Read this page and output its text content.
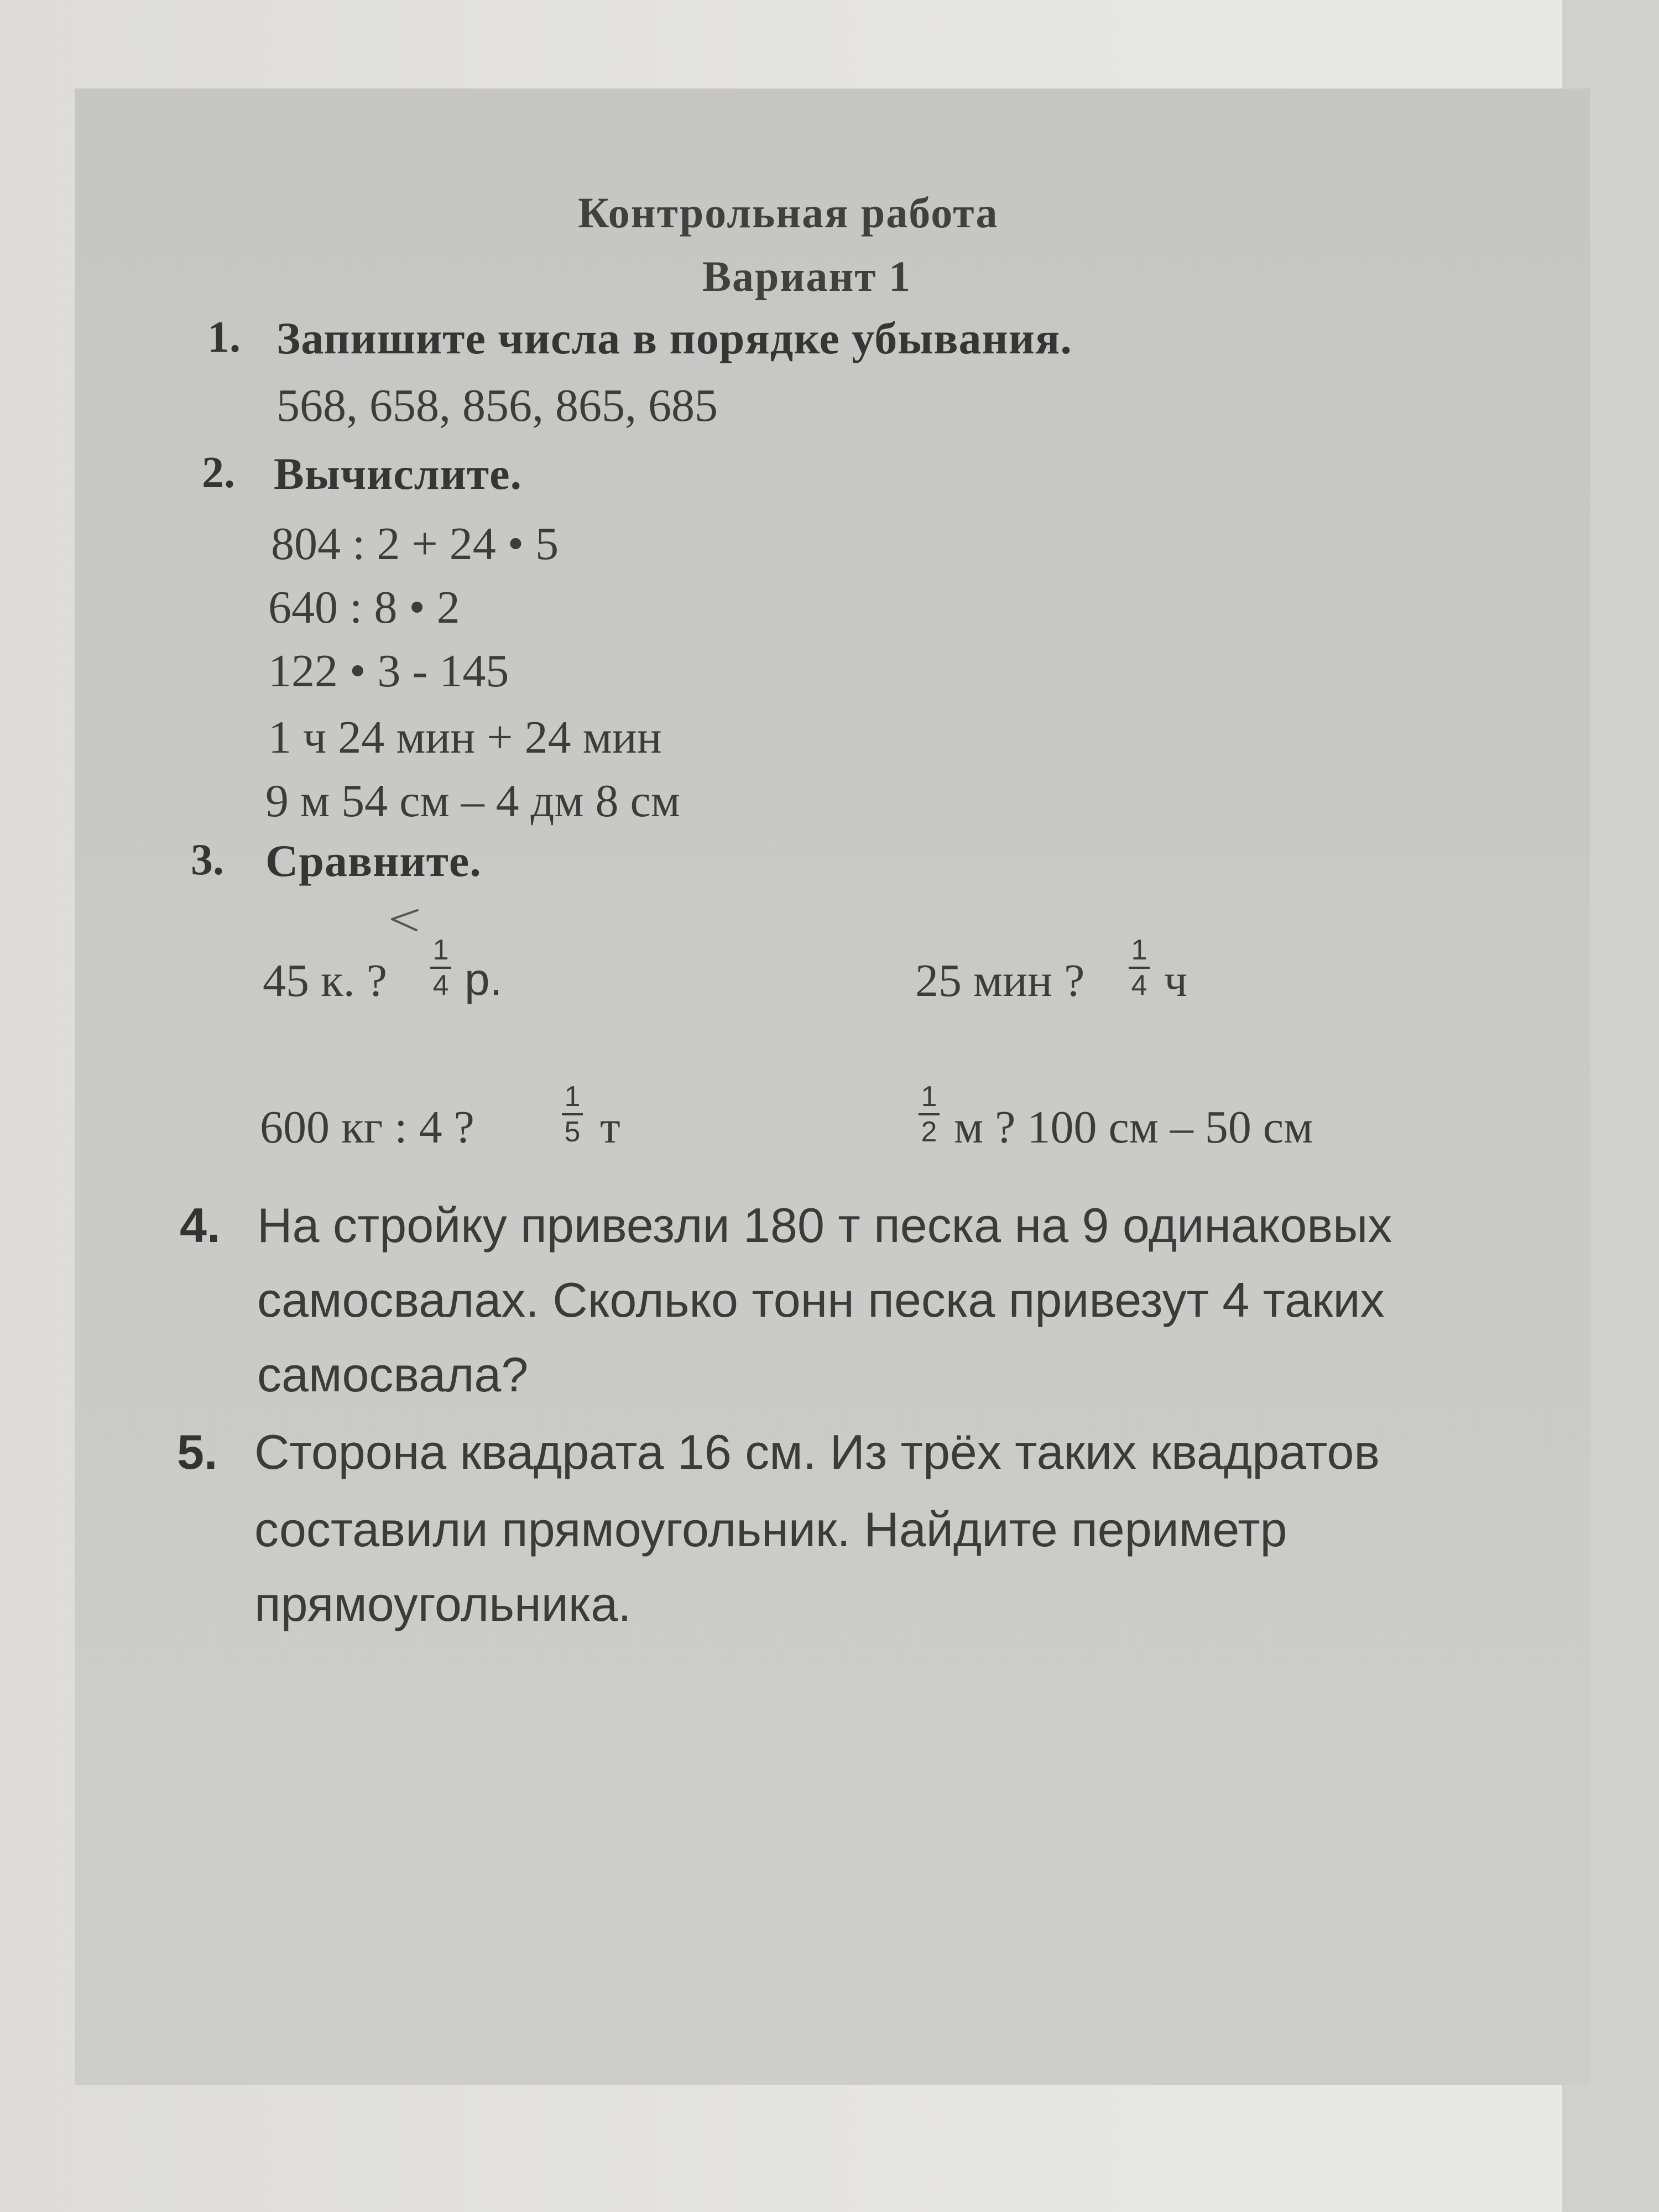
Контрольная работа
Вариант 1
1. Запишите числа в порядке убывания.
568, 658, 856, 865, 685
2. Вычислите.
804 : 2 + 24 • 5
640 : 8 • 2
122 • 3 - 145
1 ч 24 мин + 24 мин
9 м 54 см – 4 дм 8 см
3. Сравните.
45 к. ?
1
4 р.	25 мин ?
1
4 ч
600 кг : 4 ?
1
5 т
1
2 м ? 100 см – 50 см
4. На стройку привезли 180 т песка на 9 одинаковых
самосвалах. Сколько тонн песка привезут 4 таких
самосвала?
5. Сторона квадрата 16 см. Из трёх таких квадратов
составили прямоугольник. Найдите периметр
прямоугольника.
